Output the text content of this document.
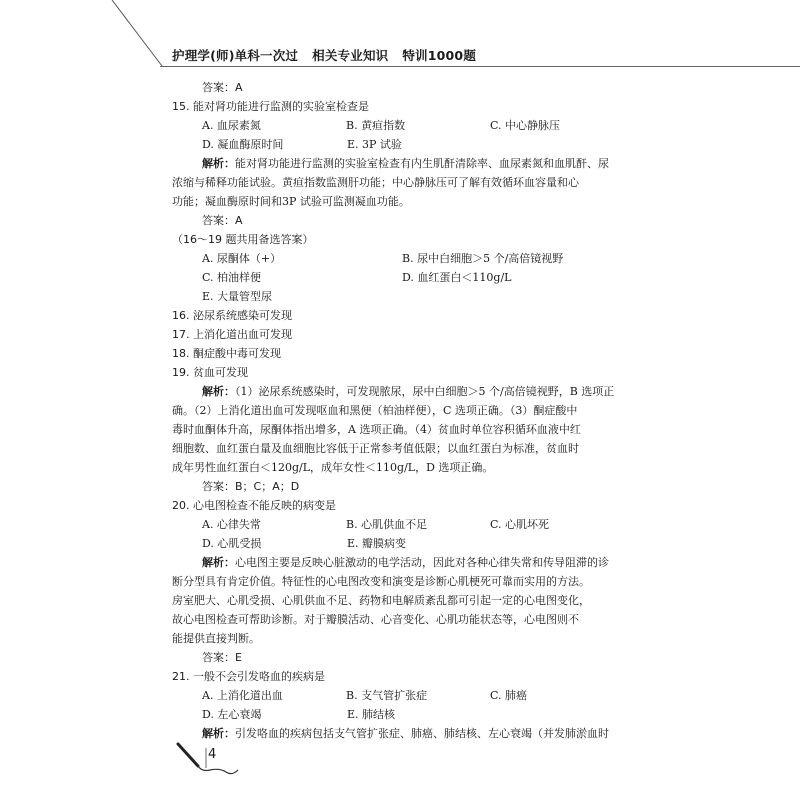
护理学(师)单科一次过 相关专业知识 特训1000题
答案：A
15. 能对肾功能进行监测的实验室检查是
A. 血尿素氮	B. 黄疸指数	C. 中心静脉压
D. 凝血酶原时间	E. 3P 试验
解析：能对肾功能进行监测的实验室检查有内生肌酐清除率、血尿素氮和血肌酐、尿
浓缩与稀释功能试验。黄疸指数监测肝功能；中心静脉压可了解有效循环血容量和心
功能；凝血酶原时间和3P 试验可监测凝血功能。
答案：A
（16～19 题共用备选答案）
A. 尿酮体（+）	B. 尿中白细胞＞5 个/高倍镜视野
C. 柏油样便	D. 血红蛋白＜110g/L
E. 大量管型尿
16. 泌尿系统感染可发现
17. 上消化道出血可发现
18. 酮症酸中毒可发现
19. 贫血可发现
解析：（1）泌尿系统感染时，可发现脓尿，尿中白细胞＞5 个/高倍镜视野，B 选项正
确。（2）上消化道出血可发现呕血和黑便（柏油样便），C 选项正确。（3）酮症酸中
毒时血酮体升高，尿酮体指出增多，A 选项正确。（4）贫血时单位容积循环血液中红
细胞数、血红蛋白量及血细胞比容低于正常参考值低限；以血红蛋白为标准，贫血时
成年男性血红蛋白＜120g/L，成年女性＜110g/L，D 选项正确。
答案：B；C；A；D
20. 心电图检查不能反映的病变是
A. 心律失常	B. 心肌供血不足	C. 心肌坏死
D. 心肌受损	E. 瓣膜病变
解析：心电图主要是反映心脏激动的电学活动，因此对各种心律失常和传导阻滞的诊
断分型具有肯定价值。特征性的心电图改变和演变是诊断心肌梗死可靠而实用的方法。
房室肥大、心肌受损、心肌供血不足、药物和电解质紊乱都可引起一定的心电图变化，
故心电图检查可帮助诊断。对于瓣膜活动、心音变化、心肌功能状态等，心电图则不
能提供直接判断。
答案：E
21. 一般不会引发咯血的疾病是
A. 上消化道出血	B. 支气管扩张症	C. 肺癌
D. 左心衰竭	E. 肺结核
解析：引发咯血的疾病包括支气管扩张症、肺癌、肺结核、左心衰竭（并发肺淤血时
4
